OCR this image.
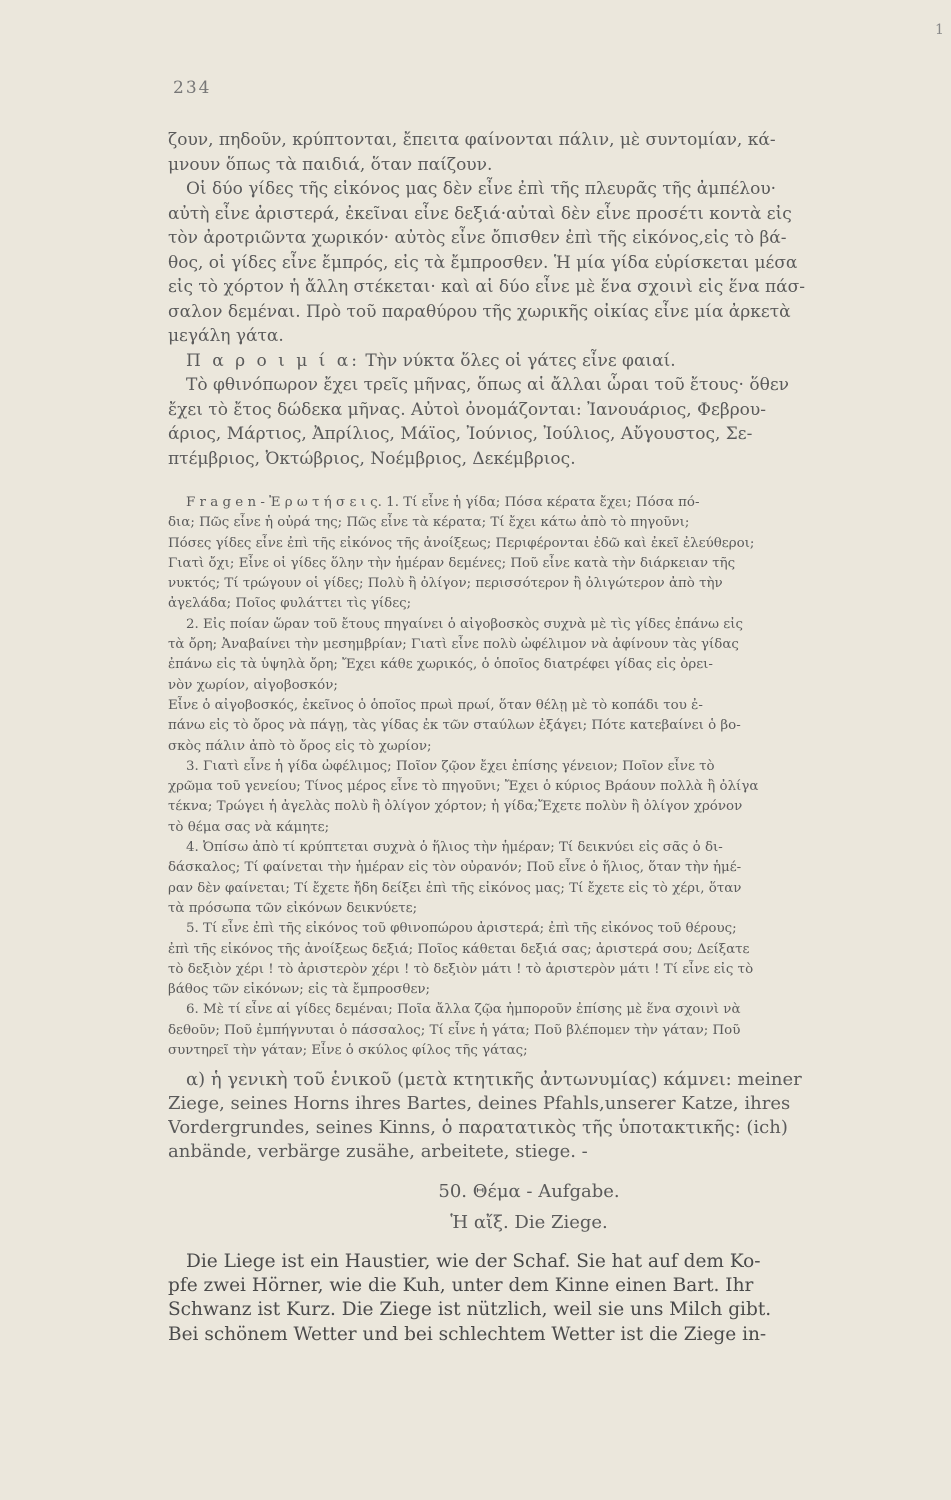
1
234
ζουν, πηδοῦν, κρύπτονται, ἔπειτα φαίνονται πάλιν, μὲ συντομίαν, κά-
μνουν ὅπως τὰ παιδιά, ὅταν παίζουν.
Οἱ δύο γίδες τῆς εἰκόνος μας δὲν εἶνε ἐπὶ τῆς πλευρᾶς τῆς ἀμπέλου·
αὐτὴ εἶνε ἀριστερά, ἐκεῖναι εἶνε δεξιά·αὐταὶ δὲν εἶνε προσέτι κοντὰ εἰς
τὸν ἀροτριῶντα χωρικόν· αὐτὸς εἶνε ὄπισθεν ἐπὶ τῆς εἰκόνος,εἰς τὸ βά-
θος, οἱ γίδες εἶνε ἔμπρός, εἰς τὰ ἔμπροσθεν. Ἡ μία γίδα εὑρίσκεται μέσα
εἰς τὸ χόρτον ἡ ἄλλη στέκεται· καὶ αἱ δύο εἶνε μὲ ἕνα σχοινὶ εἰς ἕνα πάσ-
σαλον δεμέναι. Πρὸ τοῦ παραθύρου τῆς χωρικῆς οἰκίας εἶνε μία ἀρκετὰ
μεγάλη γάτα.
Π α ρ ο ι μ ί α: Τὴν νύκτα ὅλες οἱ γάτες εἶνε φαιαί.
Τὸ φθινόπωρον ἔχει τρεῖς μῆνας, ὅπως αἱ ἄλλαι ὧραι τοῦ ἔτους· ὅθεν
ἔχει τὸ ἔτος δώδεκα μῆνας. Αὐτοὶ ὀνομάζονται: Ἰανουάριος, Φεβρου-
άριος, Μάρτιος, Ἀπρίλιος, Μάϊος, Ἰούνιος, Ἰούλιος, Αὔγουστος, Σε-
πτέμβριος, Ὀκτώβριος, Νοέμβριος, Δεκέμβριος.
F r a g e n - Ἐ ρ ω τ ή σ ε ι ς. 1. Τί εἶνε ἡ γίδα; Πόσα κέρατα ἔχει; Πόσα πό-
δια; Πῶς εἶνε ἡ οὐρά της; Πῶς εἶνε τὰ κέρατα; Τί ἔχει κάτω ἀπὸ τὸ πηγοῦνι;
Πόσες γίδες εἶνε ἐπὶ τῆς εἰκόνος τῆς ἀνοίξεως; Περιφέρονται ἐδῶ καὶ ἐκεῖ ἐλεύθεροι;
Γιατὶ ὄχι; Εἶνε οἱ γίδες ὅλην τὴν ἡμέραν δεμένες; Ποῦ εἶνε κατὰ τὴν διάρκειαν τῆς
νυκτός; Τί τρώγουν οἱ γίδες; Πολὺ ἢ ὀλίγον; περισσότερον ἢ ὀλιγώτερον ἀπὸ τὴν
ἀγελάδα; Ποῖος φυλάττει τὶς γίδες;
2. Εἰς ποίαν ὥραν τοῦ ἔτους πηγαίνει ὁ αἰγοβοσκὸς συχνὰ μὲ τὶς γίδες ἐπάνω εἰς
τὰ ὄρη; Ἀναβαίνει τὴν μεσημβρίαν; Γιατὶ εἶνε πολὺ ὠφέλιμον νὰ ἀφίνουν τὰς γίδας
ἐπάνω εἰς τὰ ὑψηλὰ ὄρη; Ἔχει κάθε χωρικός, ὁ ὁποῖος διατρέφει γίδας εἰς ὀρει-
νὸν χωρίον, αἰγοβοσκόν;
Εἶνε ὁ αἰγοβοσκός, ἐκεῖνος ὁ ὁποῖος πρωὶ πρωί, ὅταν θέλῃ μὲ τὸ κοπάδι του ἐ-
πάνω εἰς τὸ ὄρος νὰ πάγῃ, τὰς γίδας ἐκ τῶν σταύλων ἐξάγει; Πότε κατεβαίνει ὁ βο-
σκὸς πάλιν ἀπὸ τὸ ὄρος εἰς τὸ χωρίον;
3. Γιατὶ εἶνε ἡ γίδα ὠφέλιμος; Ποῖον ζῷον ἔχει ἐπίσης γένειον; Ποῖον εἶνε τὸ
χρῶμα τοῦ γενείου; Τίνος μέρος εἶνε τὸ πηγοῦνι; Ἔχει ὁ κύριος Βράουν πολλὰ ἢ ὀλίγα
τέκνα; Τρώγει ἡ ἀγελὰς πολὺ ἢ ὀλίγον χόρτον; ἡ γίδα;Ἔχετε πολὺν ἢ ὀλίγον χρόνον
τὸ θέμα σας νὰ κάμητε;
4. Ὀπίσω ἀπὸ τί κρύπτεται συχνὰ ὁ ἥλιος τὴν ἡμέραν; Τί δεικνύει εἰς σᾶς ὁ δι-
δάσκαλος; Τί φαίνεται τὴν ἡμέραν εἰς τὸν οὐρανόν; Ποῦ εἶνε ὁ ἥλιος, ὅταν τὴν ἡμέ-
ραν δὲν φαίνεται; Τί ἔχετε ἤδη δείξει ἐπὶ τῆς εἰκόνος μας; Τί ἔχετε εἰς τὸ χέρι, ὅταν
τὰ πρόσωπα τῶν εἰκόνων δεικνύετε;
5. Τί εἶνε ἐπὶ τῆς εἰκόνος τοῦ φθινοπώρου ἀριστερά; ἐπὶ τῆς εἰκόνος τοῦ θέρους;
ἐπὶ τῆς εἰκόνος τῆς ἀνοίξεως δεξιά; Ποῖος κάθεται δεξιά σας; ἀριστερά σου; Δείξατε
τὸ δεξιὸν χέρι ! τὸ ἀριστερὸν χέρι ! τὸ δεξιὸν μάτι ! τὸ ἀριστερὸν μάτι ! Τί εἶνε εἰς τὸ
βάθος τῶν εἰκόνων; εἰς τὰ ἔμπροσθεν;
6. Μὲ τί εἶνε αἱ γίδες δεμέναι; Ποῖα ἄλλα ζῷα ἠμποροῦν ἐπίσης μὲ ἕνα σχοινὶ νὰ
δεθοῦν; Ποῦ ἐμπήγνυται ὁ πάσσαλος; Τί εἶνε ἡ γάτα; Ποῦ βλέπομεν τὴν γάταν; Ποῦ
συντηρεῖ τὴν γάταν; Εἶνε ὁ σκύλος φίλος τῆς γάτας;
α) ἡ γενικὴ τοῦ ἑνικοῦ (μετὰ κτητικῆς ἀντωνυμίας) κάμνει: meiner
Ziege, seines Horns ihres Bartes, deines Pfahls,unserer Katze, ihres
Vordergrundes, seines Kinns, ὁ παρατατικὸς τῆς ὑποτακτικῆς: (ich)
anbände, verbärge zusähe, arbeitete, stiege. -
50. Θέμα - Aufgabe.
Ἡ αἴξ. Die Ziege.
Die Liege ist ein Haustier, wie der Schaf. Sie hat auf dem Ko-
pfe zwei Hörner, wie die Kuh, unter dem Kinne einen Bart. Ihr
Schwanz ist Kurz. Die Ziege ist nützlich, weil sie uns Milch gibt.
Bei schönem Wetter und bei schlechtem Wetter ist die Ziege in-
